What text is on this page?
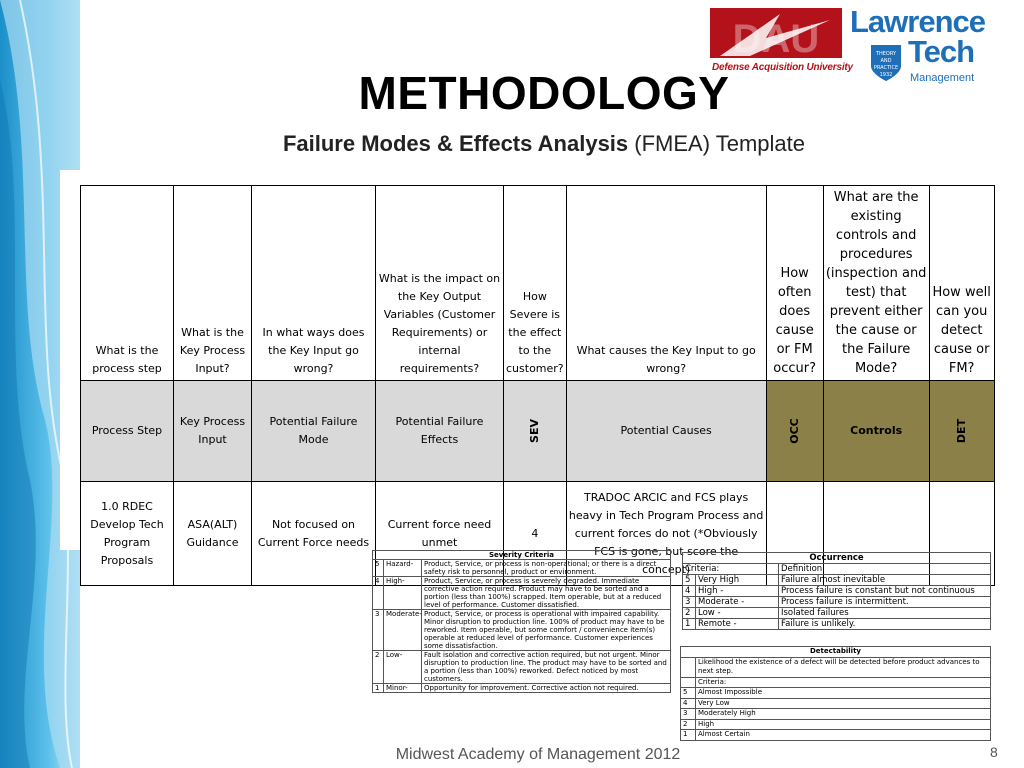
DAU
Defense Acquisition University
Lawrence
Tech
THEORY
AND
PRACTICE
1932 Management
METHODOLOGY
Failure Modes & Effects Analysis (FMEA) Template
What is the process step	What is the Key Process Input?	In what ways does the Key Input go wrong?	What is the impact on the Key Output Variables (Customer Requirements) or internal requirements?	How Severe is the effect to the customer?	What causes the Key Input to go wrong?	How often does cause or FM occur?	What are the existing controls and procedures (inspection and test) that prevent either the cause or the Failure Mode?	How well can you detect cause or FM?
Process Step	Key Process Input	Potential Failure Mode	Potential Failure Effects	SEV	Potential Causes	OCC	Controls	DET
1.0 RDEC Develop Tech Program Proposals	ASA(ALT) Guidance	Not focused on Current Force needs	Current force need unmet	4	TRADOC ARCIC and FCS plays heavy in Tech Program Process and current forces do not (*Obviously FCS is gone, but score the concept)			
Severity Criteria		
5	Hazard-	Product, Service, or process is non-operational; or there is a direct safety risk to personnel, product or environment.
4	High-	Product, Service, or process is severely degraded. Immediate corrective action required. Product may have to be sorted and a portion (less than 100%) scrapped. Item operable, but at a reduced level of performance. Customer dissatisfied.
3	Moderate-	Product, Service, or process is operational with impaired capability. Minor disruption to production line. 100% of product may have to be reworked. Item operable, but some comfort / convenience item(s) operable at reduced level of performance. Customer experiences some dissatisfaction.
2	Low-	Fault isolation and corrective action required, but not urgent. Minor disruption to production line. The product may have to be sorted and a portion (less than 100%) reworked. Defect noticed by most customers.
1	Minor-	Opportunity for improvement. Corrective action not required.
Occurrence		
Criteria:		Definition
5	Very High	Failure almost inevitable
4	High -	Process failure is constant but not continuous
3	Moderate -	Process failure is intermittent.
2	Low -	Isolated failures
1	Remote -	Failure is unlikely.
Detectability	
	Likelihood the existence of a defect will be detected before product advances to next step.
	Criteria:
5	Almost Impossible
4	Very Low
3	Moderately High
2	High
1	Almost Certain
Midwest Academy of Management 2012	8
